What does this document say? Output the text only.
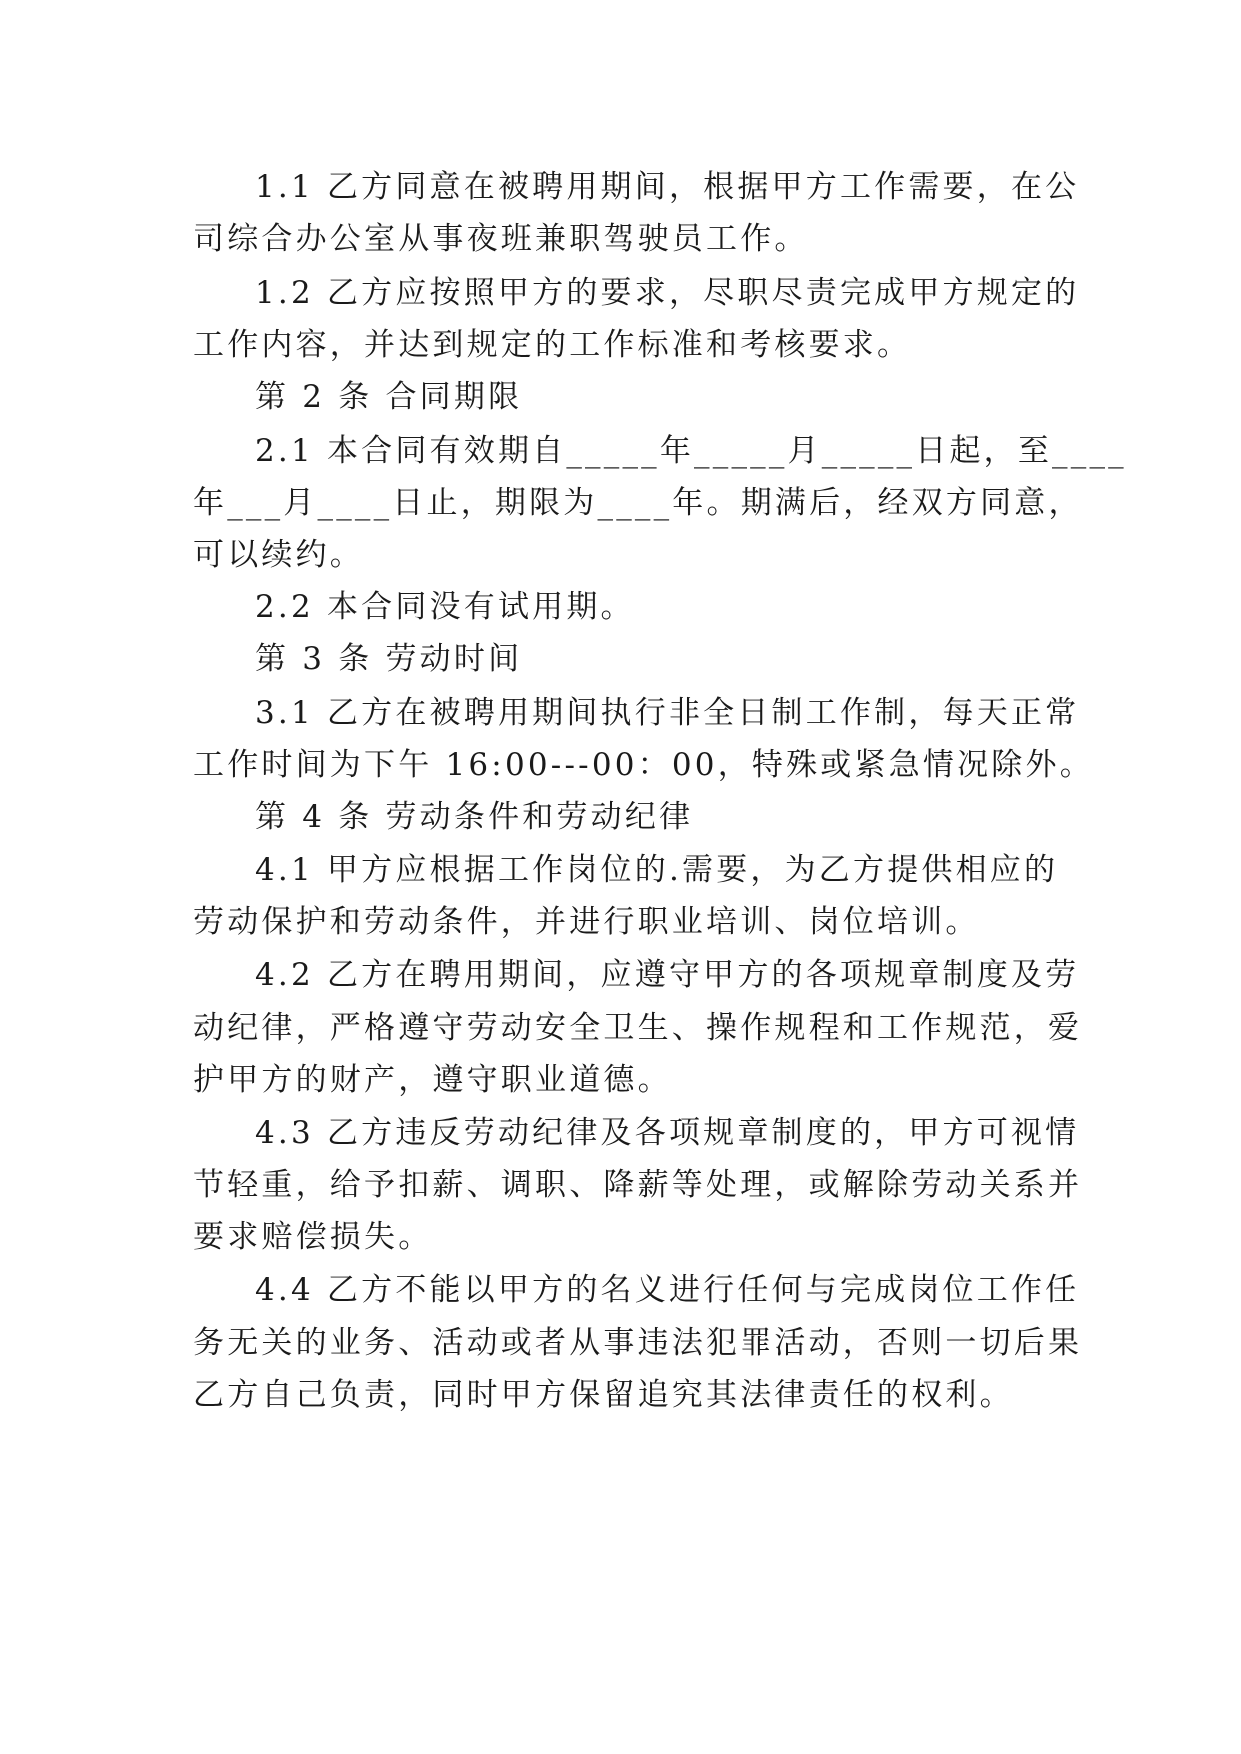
1.1 乙方同意在被聘用期间，根据甲方工作需要，在公
司综合办公室从事夜班兼职驾驶员工作。
1.2 乙方应按照甲方的要求，尽职尽责完成甲方规定的
工作内容，并达到规定的工作标准和考核要求。
第 2 条 合同期限
2.1 本合同有效期自_____年_____月_____日起，至____
年___月____日止，期限为____年。期满后，经双方同意，
可以续约。
2.2 本合同没有试用期。
第 3 条 劳动时间
3.1 乙方在被聘用期间执行非全日制工作制，每天正常
工作时间为下午 16:00---00：00，特殊或紧急情况除外。
第 4 条 劳动条件和劳动纪律
4.1 甲方应根据工作岗位的.需要，为乙方提供相应的
劳动保护和劳动条件，并进行职业培训、岗位培训。
4.2 乙方在聘用期间，应遵守甲方的各项规章制度及劳
动纪律，严格遵守劳动安全卫生、操作规程和工作规范，爱
护甲方的财产，遵守职业道德。
4.3 乙方违反劳动纪律及各项规章制度的，甲方可视情
节轻重，给予扣薪、调职、降薪等处理，或解除劳动关系并
要求赔偿损失。
4.4 乙方不能以甲方的名义进行任何与完成岗位工作任
务无关的业务、活动或者从事违法犯罪活动，否则一切后果
乙方自己负责，同时甲方保留追究其法律责任的权利。
